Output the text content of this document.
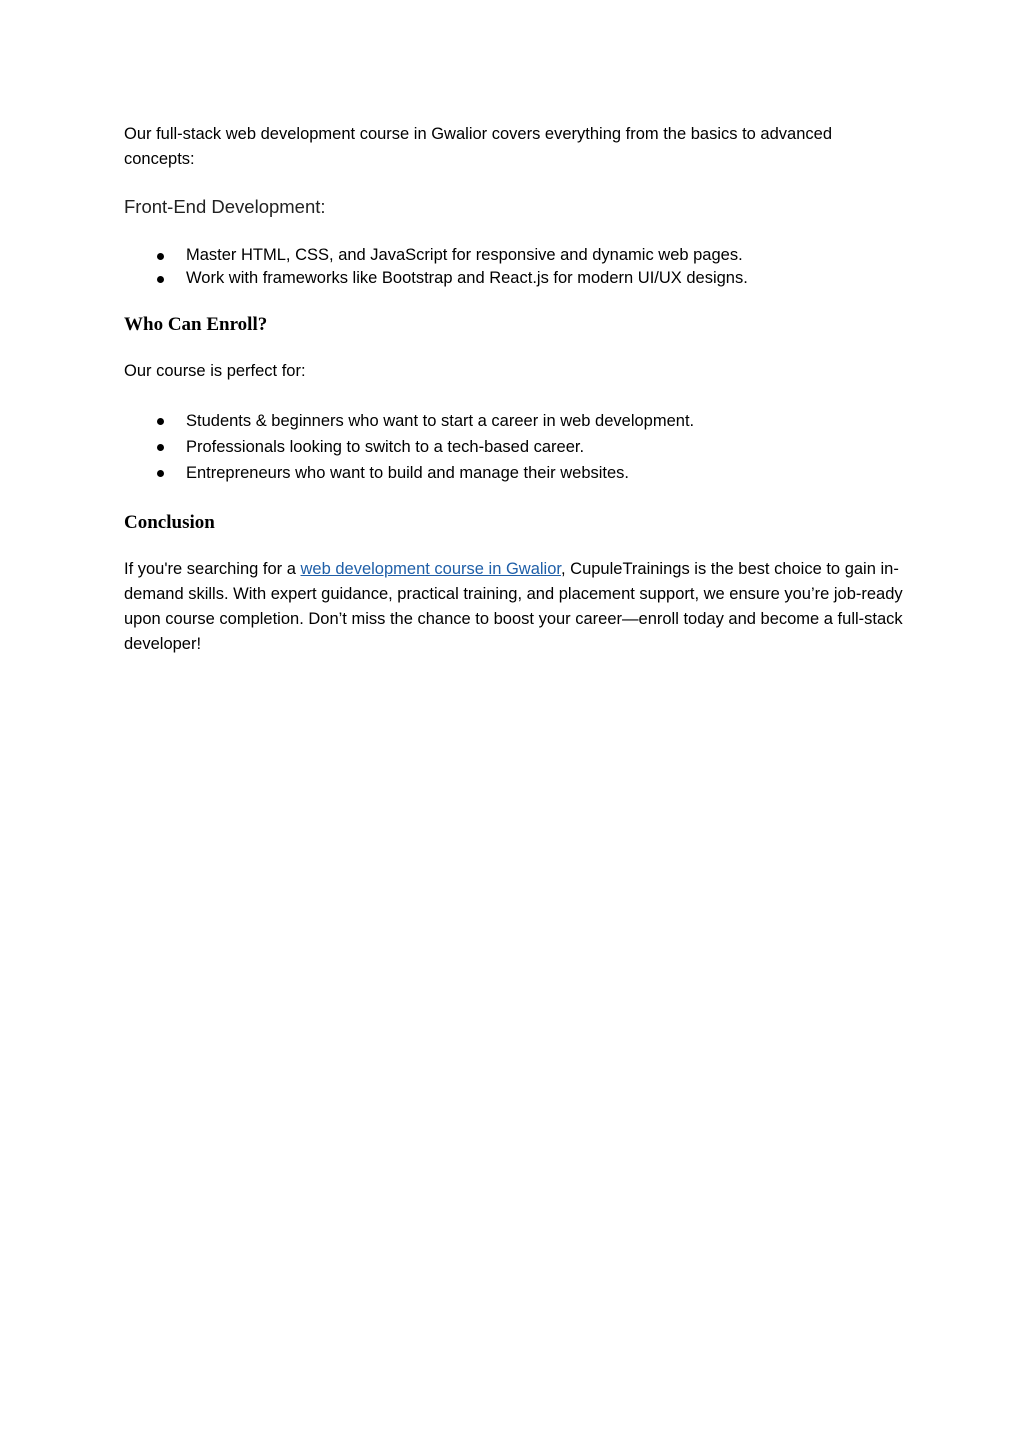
Our full-stack web development course in Gwalior covers everything from the basics to advanced concepts:

Front-End Development:
Master HTML, CSS, and JavaScript for responsive and dynamic web pages.
Work with frameworks like Bootstrap and React.js for modern UI/UX designs.
Who Can Enroll?

Our course is perfect for:

Students & beginners who want to start a career in web development.
Professionals looking to switch to a tech-based career.
Entrepreneurs who want to build and manage their websites.
Conclusion

If you're searching for a web development course in Gwalior, CupuleTrainings is the best choice to gain in-demand skills. With expert guidance, practical training, and placement support, we ensure you’re job-ready upon course completion. Don’t miss the chance to boost your career—enroll today and become a full-stack developer!
